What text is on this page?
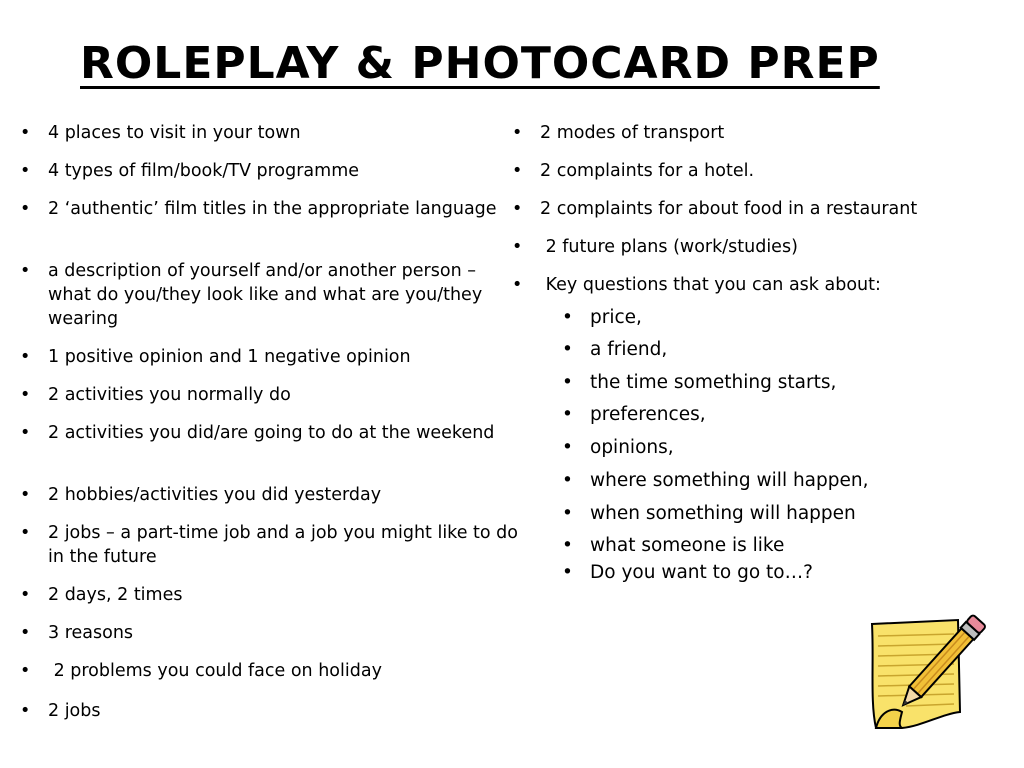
ROLEPLAY & PHOTOCARD PREP
• 4 places to visit in your town
• 4 types of film/book/TV programme
• 2 ‘authentic’ film titles in the appropriate language
• a description of yourself and/or another person – what do you/they look like and what are you/they wearing
• 1 positive opinion and 1 negative opinion
• 2 activities you normally do
• 2 activities you did/are going to do at the weekend
• 2 hobbies/activities you did yesterday
• 2 jobs – a part-time job and a job you might like to do in the future
• 2 days, 2 times
• 3 reasons
• 2 problems you could face on holiday
• 2 jobs
• 2 modes of transport
• 2 complaints for a hotel.
• 2 complaints for about food in a restaurant
• 2 future plans (work/studies)
• Key questions that you can ask about:
• price,
• a friend,
• the time something starts,
• preferences,
• opinions,
• where something will happen,
• when something will happen
• what someone is like
• Do you want to go to…?
